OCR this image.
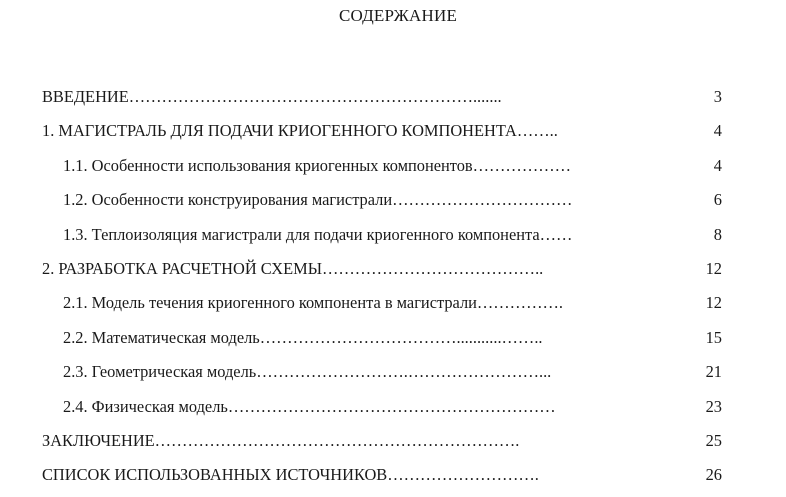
СОДЕРЖАНИЕ
ВВЕДЕНИЕ……………………………………………………….......	3
1. МАГИСТРАЛЬ ДЛЯ ПОДАЧИ КРИОГЕННОГО КОМПОНЕНТА……..	4
1.1. Особенности использования криогенных компонентов………………	4
1.2. Особенности конструирования магистрали……………………………	6
1.3. Теплоизоляция магистрали для подачи криогенного компонента……	8
2. РАЗРАБОТКА РАСЧЕТНОЙ СХЕМЫ…………………………………..	12
2.1. Модель течения криогенного компонента в магистрали…………….	12
2.2. Математическая модель………………………………...........……..	15
2.3. Геометрическая модель……………………….……………………...	21
2.4. Физическая модель……………………………………………………	23
ЗАКЛЮЧЕНИЕ………………………………………………………….	25
СПИСОК ИСПОЛЬЗОВАННЫХ ИСТОЧНИКОВ……………………….	26
